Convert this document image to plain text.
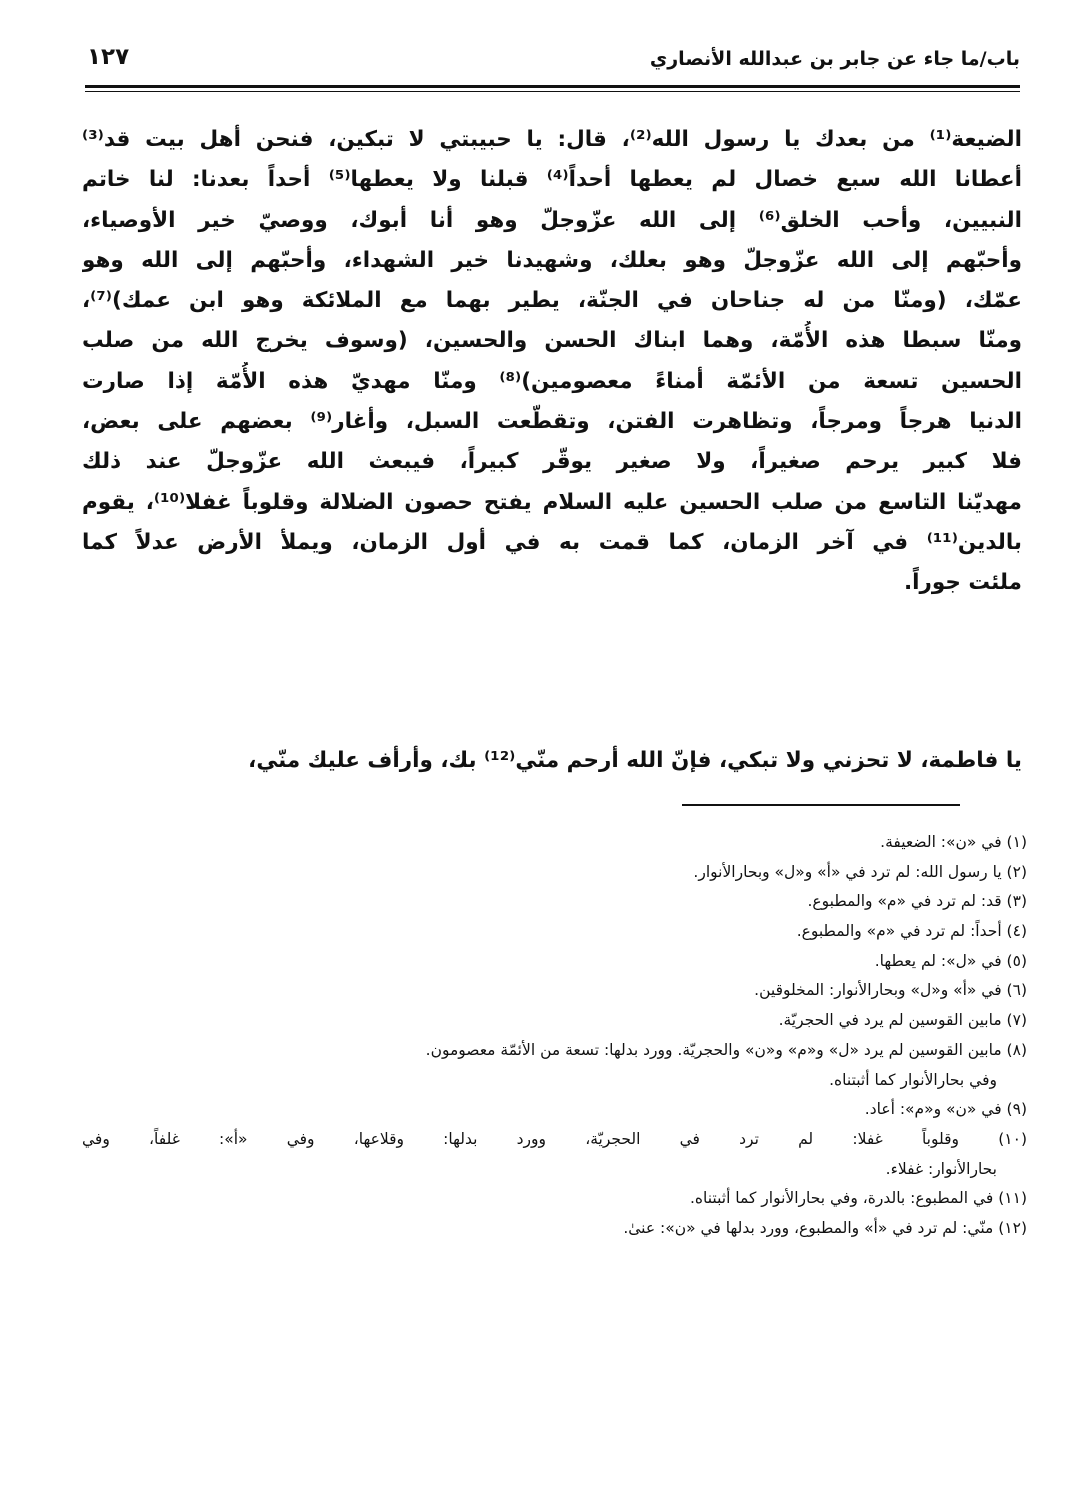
باب/ما جاء عن جابر بن عبدالله الأنصاري
١٢٧
الضيعة⁽¹⁾ من بعدك يا رسول الله⁽²⁾، قال: يا حبيبتي لا تبكين، فنحن أهل بيت قد⁽³⁾
أعطانا الله سبع خصال لم يعطها أحداً⁽⁴⁾ قبلنا ولا يعطها⁽⁵⁾ أحداً بعدنا: لنا خاتم
النبيين، وأحب الخلق⁽⁶⁾ إلى الله عزّوجلّ وهو أنا أبوك، ووصيّ خير الأوصياء،
وأحبّهم إلى الله عزّوجلّ وهو بعلك، وشهيدنا خير الشهداء، وأحبّهم إلى الله وهو
عمّك، (ومنّا من له جناحان في الجنّة، يطير بهما مع الملائكة وهو ابن عمك)⁽⁷⁾،
ومنّا سبطا هذه الأُمّة، وهما ابناك الحسن والحسين، (وسوف يخرج الله من صلب
الحسين تسعة من الأئمّة أمناءً معصومين)⁽⁸⁾ ومنّا مهديّ هذه الأُمّة إذا صارت
الدنيا هرجاً ومرجاً، وتظاهرت الفتن، وتقطّعت السبل، وأغار⁽⁹⁾ بعضهم على بعض،
فلا كبير يرحم صغيراً، ولا صغير يوقّر كبيراً، فيبعث الله عزّوجلّ عند ذلك
مهديّنا التاسع من صلب الحسين عليه السلام يفتح حصون الضلالة وقلوباً غفلا⁽¹⁰⁾، يقوم
بالدين⁽¹¹⁾ في آخر الزمان، كما قمت به في أول الزمان، ويملأ الأرض عدلاً كما
ملئت جوراً.
يا فاطمة، لا تحزني ولا تبكي، فإنّ الله أرحم منّي⁽¹²⁾ بك، وأرأف عليك منّي،
(١) في «ن»: الضعيفة.
(٢) يا رسول الله: لم ترد في «أ» و«ل» وبحارالأنوار.
(٣) قد: لم ترد في «م» والمطبوع.
(٤) أحداً: لم ترد في «م» والمطبوع.
(٥) في «ل»: لم يعطها.
(٦) في «أ» و«ل» وبحارالأنوار: المخلوقين.
(٧) مابين القوسين لم يرد في الحجريّة.
(٨) مابين القوسين لم يرد «ل» و«م» و«ن» والحجريّة. وورد بدلها: تسعة من الأئمّة معصومون.
وفي بحارالأنوار كما أثبتناه.
(٩) في «ن» و«م»: أعاد.
(١٠) وقلوباً غفلا: لم ترد في الحجريّة، وورد بدلها: وقلاعها، وفي «أ»: غلفاً، وفي
بحارالأنوار: غفلاء.
(١١) في المطبوع: بالدرة، وفي بحارالأنوار كما أثبتناه.
(١٢) منّي: لم ترد في «أ» والمطبوع، وورد بدلها في «ن»: عنىٰ.
